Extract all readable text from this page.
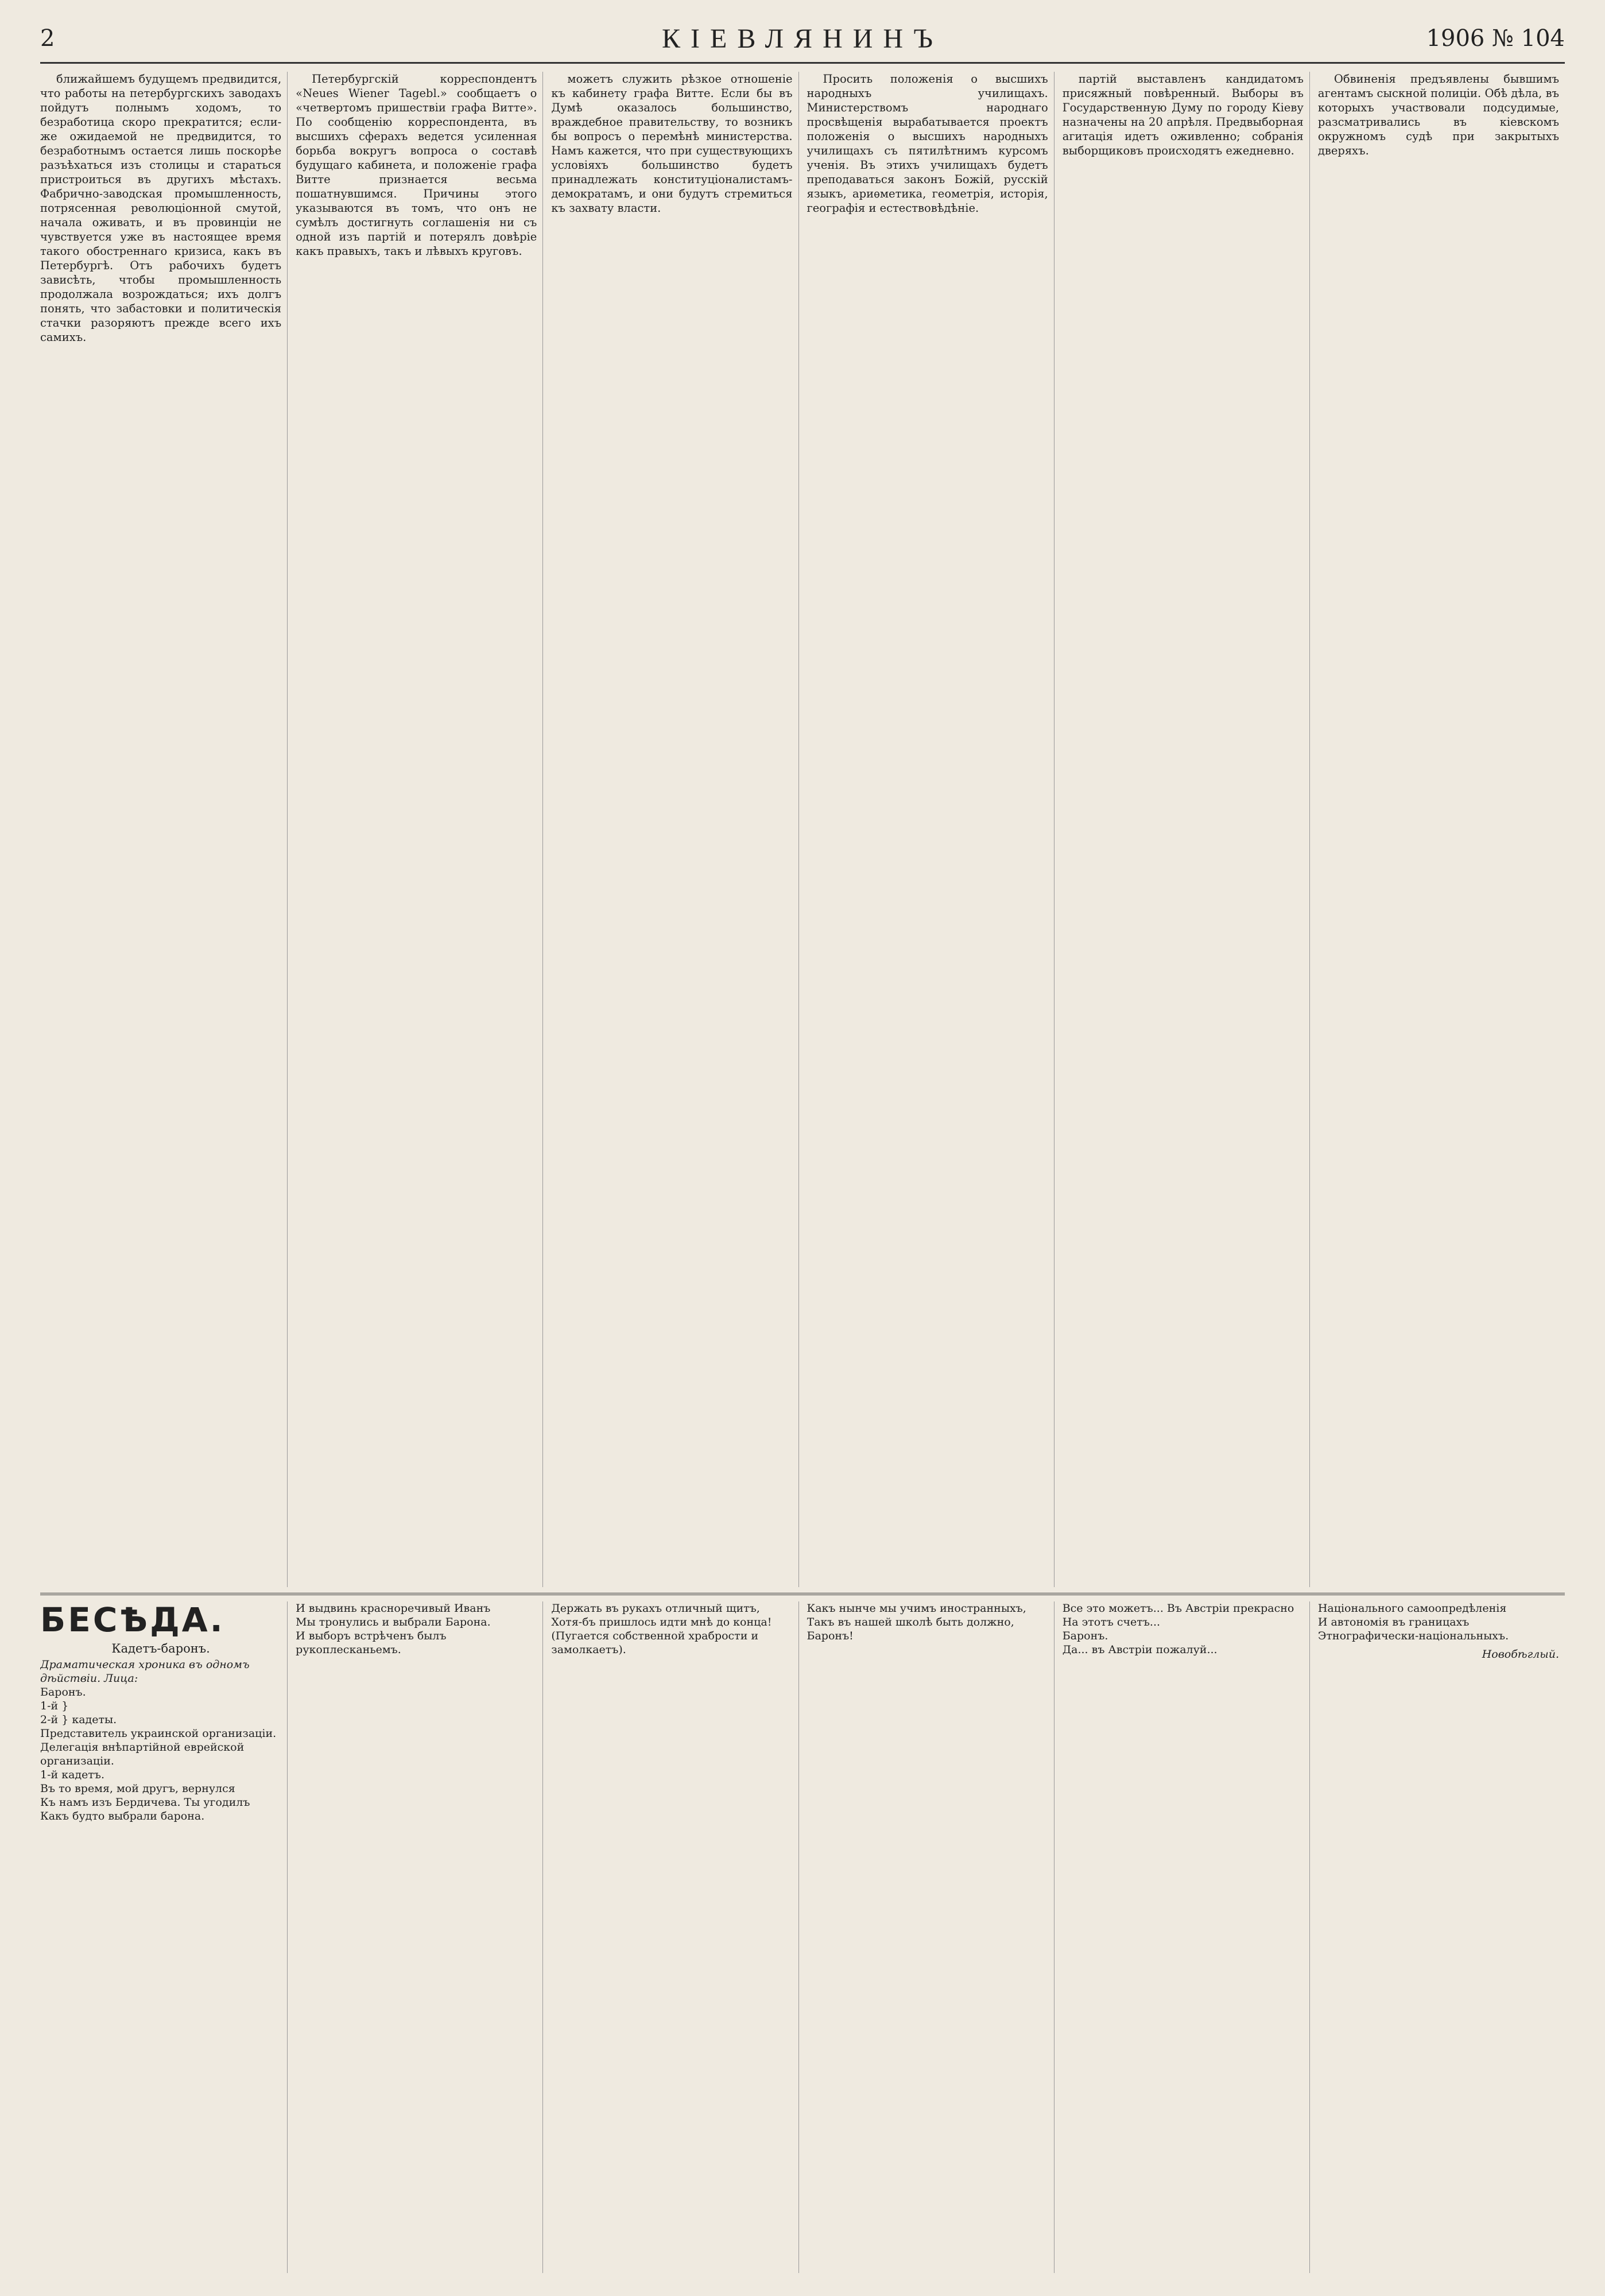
2	КІЕВЛЯНИНЪ	1906 № 104

ближайшемъ будущемъ предвидится, что работы на петербургскихъ заводахъ пойдутъ полнымъ ходомъ, то безработица скоро прекратится; если-же ожидаемой не предвидится, то безработнымъ остается лишь поскорѣе разъѣхаться изъ столицы и стараться пристроиться въ другихъ мѣстахъ. Фабрично-заводская промышленность, потрясенная революціонной смутой, начала оживать, и въ провинціи не чувствуется уже въ настоящее время такого обостреннаго кризиса, какъ въ Петербургѣ. Отъ рабочихъ будетъ зависѣть, чтобы промышленность продолжала возрождаться; ихъ долгъ понять, что забастовки и политическія стачки разоряютъ прежде всего ихъ самихъ.

Петербургскій корреспондентъ «Neues Wiener Tagebl.» сообщаетъ о «четвертомъ пришествіи графа Витте». По сообщенію корреспондента, въ высшихъ сферахъ ведется усиленная борьба вокругъ вопроса о составѣ будущаго кабинета, и положеніе графа Витте признается весьма пошатнувшимся. Причины этого указываются въ томъ, что онъ не сумѣлъ достигнуть соглашенія ни съ одной изъ партій и потерялъ довѣріе какъ правыхъ, такъ и лѣвыхъ круговъ.

можетъ служить рѣзкое отношеніе къ кабинету графа Витте. Если бы въ Думѣ оказалось большинство, враждебное правительству, то возникъ бы вопросъ о перемѣнѣ министерства. Намъ кажется, что при существующихъ условіяхъ большинство будетъ принадлежать конституціоналистамъ-демократамъ, и они будутъ стремиться къ захвату власти.

Просить положенія о высшихъ народныхъ училищахъ. Министерствомъ народнаго просвѣщенія вырабатывается проектъ положенія о высшихъ народныхъ училищахъ съ пятилѣтнимъ курсомъ ученія. Въ этихъ училищахъ будетъ преподаваться законъ Божій, русскій языкъ, ариѳметика, геометрія, исторія, географія и естествовѣдѣніе.

партій выставленъ кандидатомъ присяжный повѣренный. Выборы въ Государственную Думу по городу Кіеву назначены на 20 апрѣля. Предвыборная агитація идетъ оживленно; собранія выборщиковъ происходятъ ежедневно.

Обвиненія предъявлены бывшимъ агентамъ сыскной полиціи. Обѣ дѣла, въ которыхъ участвовали подсудимые, разсматривались въ кіевскомъ окружномъ судѣ при закрытыхъ дверяхъ.

БЕСѢДА.
Кадетъ-баронъ.
Драматическая хроника въ одномъ дѣйствіи. Лица:
Баронъ.
1-й }
2-й } кадеты.
Представитель украинской организаціи.
Делегація внѣпартійной еврейской организаціи.
1-й кадетъ.
Въ то время, мой другъ, вернулся
Къ намъ изъ Бердичева. Ты угодилъ
Какъ будто выбрали барона.
И выдвинь красноречивый Иванъ
Мы тронулись и выбрали Барона.
И выборъ встрѣченъ былъ рукоплесканьемъ.
Держать въ рукахъ отличный щитъ,
Хотя-бъ пришлось идти мнѣ до конца!
(Пугается собственной храбрости и замолкаетъ).
Какъ нынче мы учимъ иностранныхъ,
Такъ въ нашей школѣ быть должно,
Баронъ!
Все это можетъ... Въ Австріи прекрасно
На этотъ счетъ...
Баронъ.
Да... въ Австріи пожалуй...
Національного самоопредѣленія
И автономія въ границахъ
Этнографически-національныхъ.
Новобѣглый.
